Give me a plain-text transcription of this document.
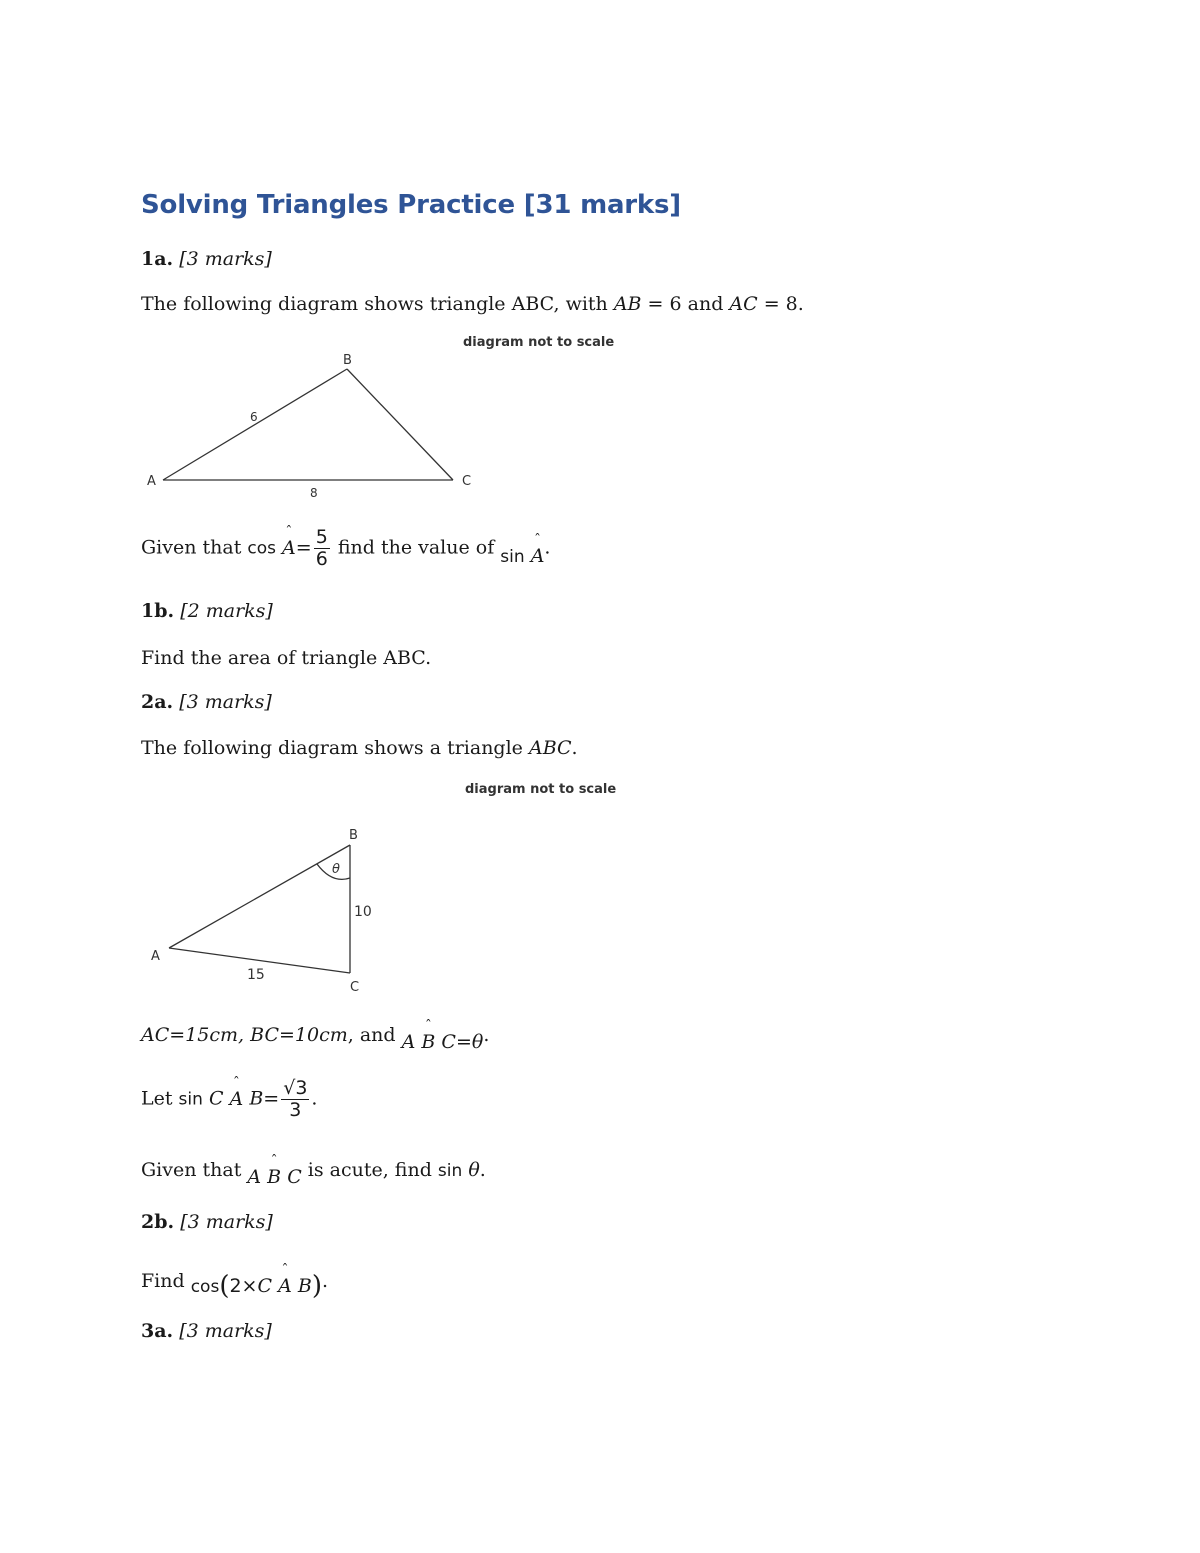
Solving Triangles Practice [31 marks]
1a. [3 marks]
The following diagram shows triangle ABC, with AB = 6 and AC = 8.
diagram not to scale
B
A	C
6
8
Given that cos ˆ $A= \frac{5}{6}$ find the value of sin ˆ A.
1b. [2 marks]
Find the area of triangle ABC.
2a. [3 marks]
The following diagram shows a triangle ABC.
diagram not to scale
B
A
C
10
15
θ
AC=15cm, BC=10cm, and A ˆ B C=θ.
Let sin C ˆ A $B= \frac{√3}{3}$ .
Given that A ˆ B C is acute, find sin θ.
2b. [3 marks]
Find cos(2×C ˆ A B).
3a. [3 marks]
